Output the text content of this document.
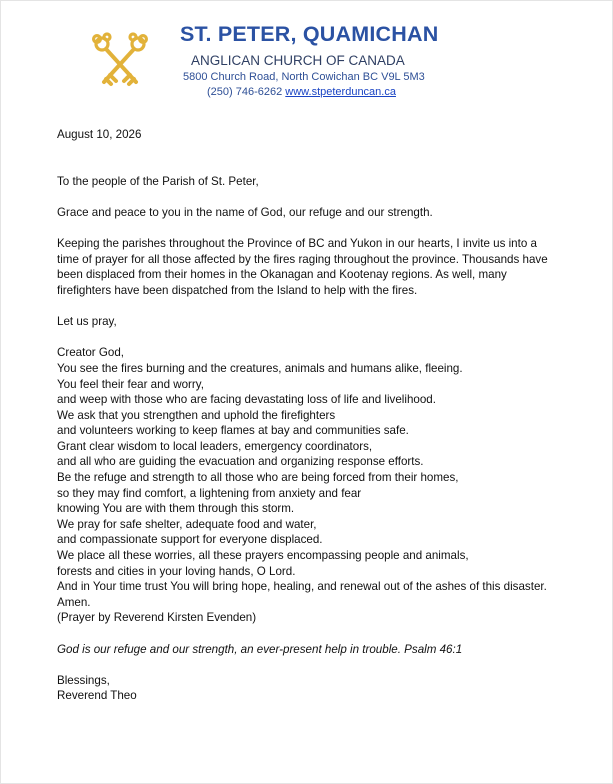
ST. PETER, QUAMICHAN
ANGLICAN CHURCH OF CANADA
5800 Church Road, North Cowichan BC V9L 5M3
(250) 746-6262 www.stpeterduncan.ca

August 10, 2026

To the people of the Parish of St. Peter,

Grace and peace to you in the name of God, our refuge and our strength.

Keeping the parishes throughout the Province of BC and Yukon in our hearts, I invite us into a time of prayer for all those affected by the fires raging throughout the province. Thousands have been displaced from their homes in the Okanagan and Kootenay regions. As well, many firefighters have been dispatched from the Island to help with the fires.

Let us pray,

Creator God,

You see the fires burning and the creatures, animals and humans alike, fleeing.

You feel their fear and worry,

and weep with those who are facing devastating loss of life and livelihood.

We ask that you strengthen and uphold the firefighters

and volunteers working to keep flames at bay and communities safe.

Grant clear wisdom to local leaders, emergency coordinators,

and all who are guiding the evacuation and organizing response efforts.

Be the refuge and strength to all those who are being forced from their homes,

so they may find comfort, a lightening from anxiety and fear

knowing You are with them through this storm.

We pray for safe shelter, adequate food and water,

and compassionate support for everyone displaced.

We place all these worries, all these prayers encompassing people and animals,

forests and cities in your loving hands, O Lord.

And in Your time trust You will bring hope, healing, and renewal out of the ashes of this disaster. Amen.

(Prayer by Reverend Kirsten Evenden)

God is our refuge and our strength, an ever-present help in trouble. Psalm 46:1

Blessings,

Reverend Theo
